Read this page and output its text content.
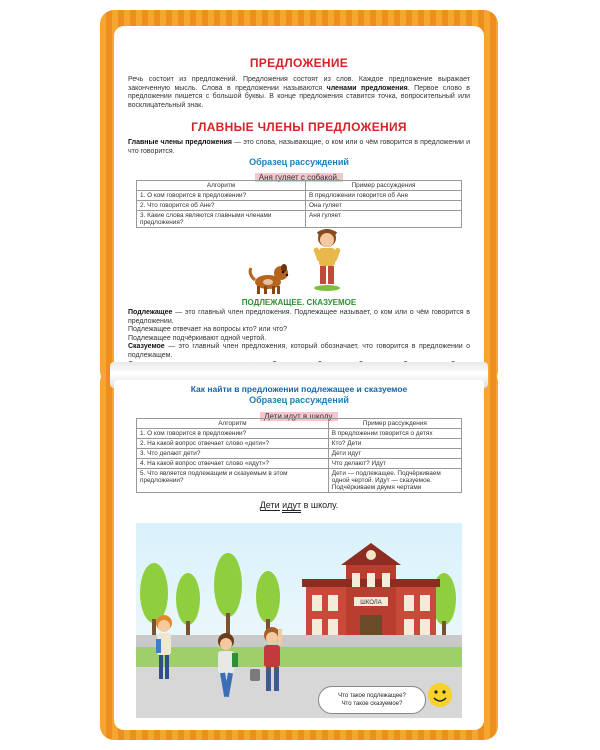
ПРЕДЛОЖЕНИЕ
Речь состоит из предложений. Предложения состоят из слов. Каждое предложение выражает законченную мысль. Слова в предложении называются членами предложения. Первое слово в предложении пишется с большой буквы. В конце предложения ставится точка, вопросительный или восклицательный знак.
ГЛАВНЫЕ ЧЛЕНЫ ПРЕДЛОЖЕНИЯ
Главные члены предложения — это слова, называющие, о ком или о чём говорится в предложении и что говорится.
Образец рассуждений
Аня гуляет с собакой.
Алгоритм	Пример рассуждения
1. О ком говорится в предложении?	В предложении говорится об Ане
2. Что говорится об Ане?	Она гуляет
3. Какие слова являются главными членами предложения?	Аня гуляет
ПОДЛЕЖАЩЕЕ. СКАЗУЕМОЕ
Подлежащее — это главный член предложения. Подлежащее называет, о ком или о чём говорится в предложении.
Подлежащее отвечает на вопросы кто? или что?
Подлежащее подчёркивают одной чертой.
Сказуемое — это главный член предложения, который обозначает, что говорится в предложении о подлежащем.
Как найти в предложении подлежащее и сказуемое
Образец рассуждений
Дети идут в школу.
Алгоритм	Пример рассуждения
1. О ком говорится в предложении?	В предложении говорится о детях
2. На какой вопрос отвечает слово «дети»?	Кто? Дети
3. Что делают дети?	Дети идут
4. На какой вопрос отвечает слово «идут»?	Что делают? Идут
5. Что является подлежащим и сказуемым в этом предложении?	Дети — подлежащее. Подчёркиваем одной чертой. Идут — сказуемое. Подчёркиваем двумя чертами
Дети идут в школу.
ШКОЛА
Что такое подлежащее?
Что такое сказуемое?
